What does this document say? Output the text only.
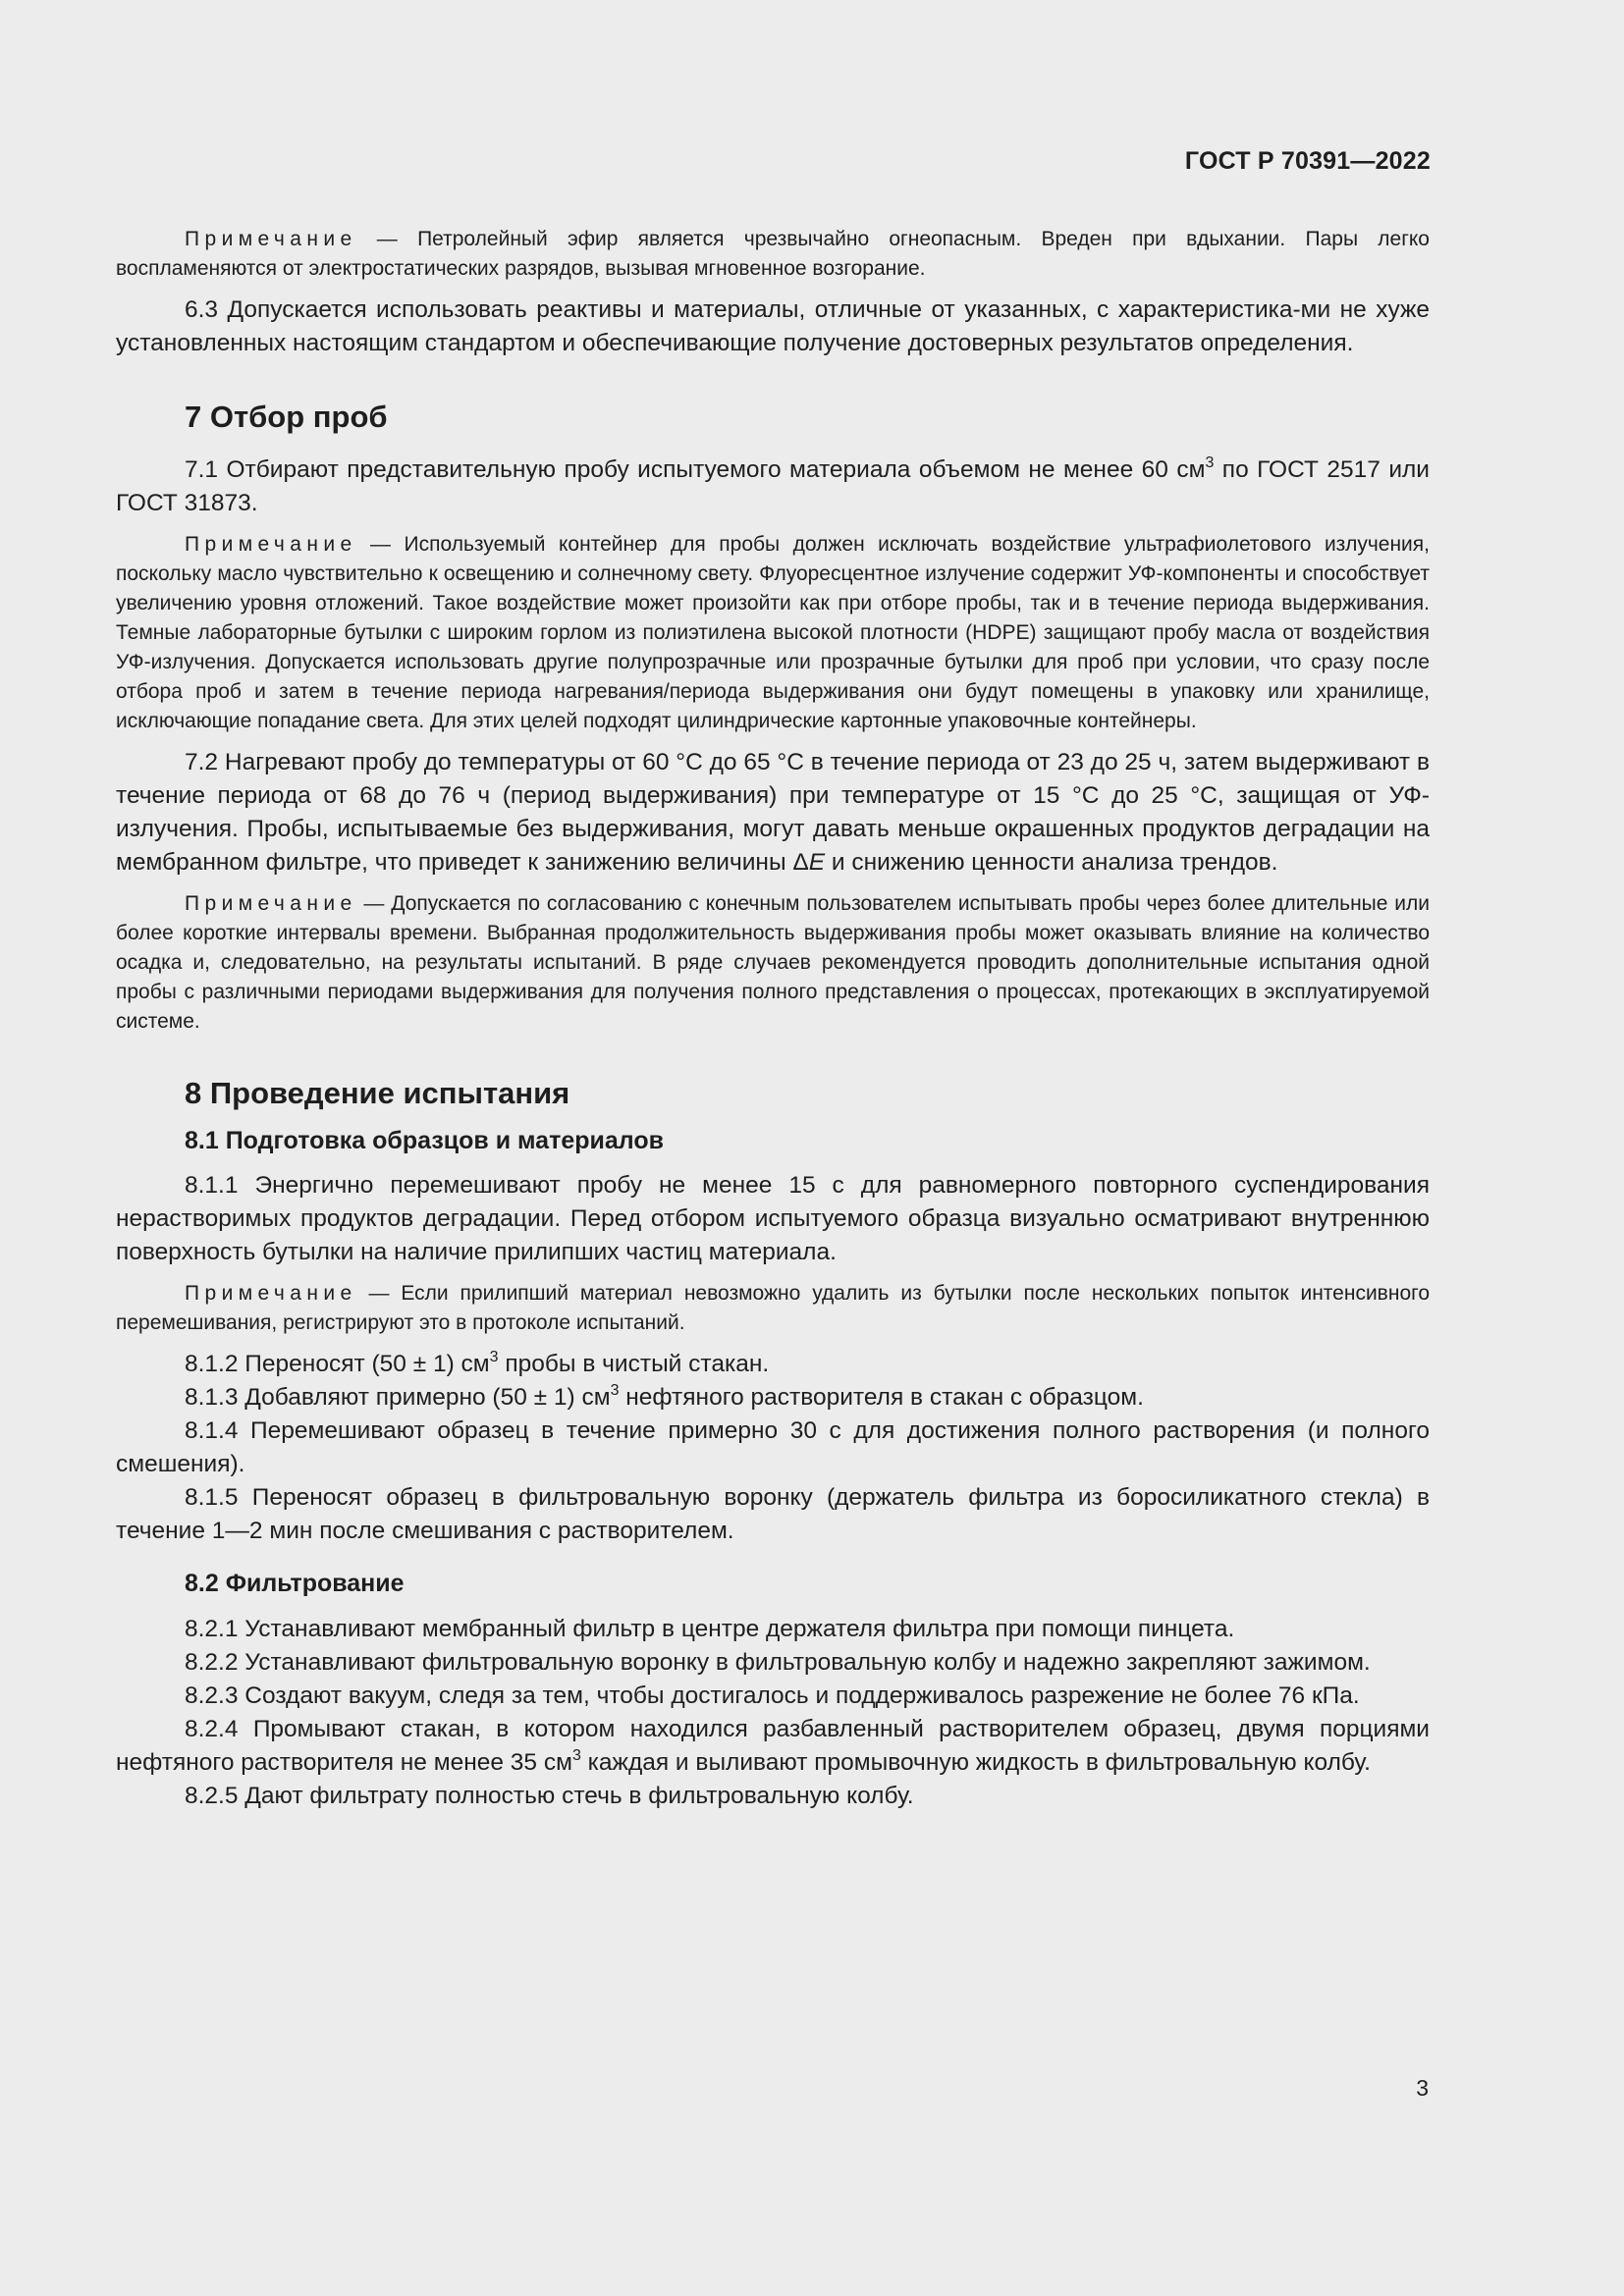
ГОСТ Р 70391—2022

Примечание — Петролейный эфир является чрезвычайно огнеопасным. Вреден при вдыхании. Пары легко воспламеняются от электростатических разрядов, вызывая мгновенное возгорание.

6.3 Допускается использовать реактивы и материалы, отличные от указанных, с характеристика-ми не хуже установленных настоящим стандартом и обеспечивающие получение достоверных результатов определения.

7 Отбор проб

7.1 Отбирают представительную пробу испытуемого материала объемом не менее 60 $см^3$ по ГОСТ 2517 или ГОСТ 31873.

Примечание — Используемый контейнер для пробы должен исключать воздействие ультрафиолетового излучения, поскольку масло чувствительно к освещению и солнечному свету. Флуоресцентное излучение содержит УФ-компоненты и способствует увеличению уровня отложений. Такое воздействие может произойти как при отборе пробы, так и в течение периода выдерживания. Темные лабораторные бутылки с широким горлом из полиэтилена высокой плотности (HDPE) защищают пробу масла от воздействия УФ-излучения. Допускается использовать другие полупрозрачные или прозрачные бутылки для проб при условии, что сразу после отбора проб и затем в течение периода нагревания/периода выдерживания они будут помещены в упаковку или хранилище, исключающие попадание света. Для этих целей подходят цилиндрические картонные упаковочные контейнеры.

7.2 Нагревают пробу до температуры от 60 °С до 65 °С в течение периода от 23 до 25 ч, затем выдерживают в течение периода от 68 до 76 ч (период выдерживания) при температуре от 15 °С до 25 °С, защищая от УФ-излучения. Пробы, испытываемые без выдерживания, могут давать меньше окрашенных продуктов деградации на мембранном фильтре, что приведет к занижению величины ΔE и снижению ценности анализа трендов.

Примечание — Допускается по согласованию с конечным пользователем испытывать пробы через более длительные или более короткие интервалы времени. Выбранная продолжительность выдерживания пробы может оказывать влияние на количество осадка и, следовательно, на результаты испытаний. В ряде случаев рекомендуется проводить дополнительные испытания одной пробы с различными периодами выдерживания для получения полного представления о процессах, протекающих в эксплуатируемой системе.

8 Проведение испытания
8.1 Подготовка образцов и материалов

8.1.1 Энергично перемешивают пробу не менее 15 с для равномерного повторного суспендирования нерастворимых продуктов деградации. Перед отбором испытуемого образца визуально осматривают внутреннюю поверхность бутылки на наличие прилипших частиц материала.

Примечание — Если прилипший материал невозможно удалить из бутылки после нескольких попыток интенсивного перемешивания, регистрируют это в протоколе испытаний.

8.1.2 Переносят (50 ± 1) $см^3$ пробы в чистый стакан.

8.1.3 Добавляют примерно (50 ± 1) $см^3$ нефтяного растворителя в стакан с образцом.

8.1.4 Перемешивают образец в течение примерно 30 с для достижения полного растворения (и полного смешения).

8.1.5 Переносят образец в фильтровальную воронку (держатель фильтра из боросиликатного стекла) в течение 1—2 мин после смешивания с растворителем.

8.2 Фильтрование

8.2.1 Устанавливают мембранный фильтр в центре держателя фильтра при помощи пинцета.

8.2.2 Устанавливают фильтровальную воронку в фильтровальную колбу и надежно закрепляют зажимом.

8.2.3 Создают вакуум, следя за тем, чтобы достигалось и поддерживалось разрежение не более 76 кПа.

8.2.4 Промывают стакан, в котором находился разбавленный растворителем образец, двумя порциями нефтяного растворителя не менее 35 $см^3$ каждая и выливают промывочную жидкость в фильтровальную колбу.

8.2.5 Дают фильтрату полностью стечь в фильтровальную колбу.

3
